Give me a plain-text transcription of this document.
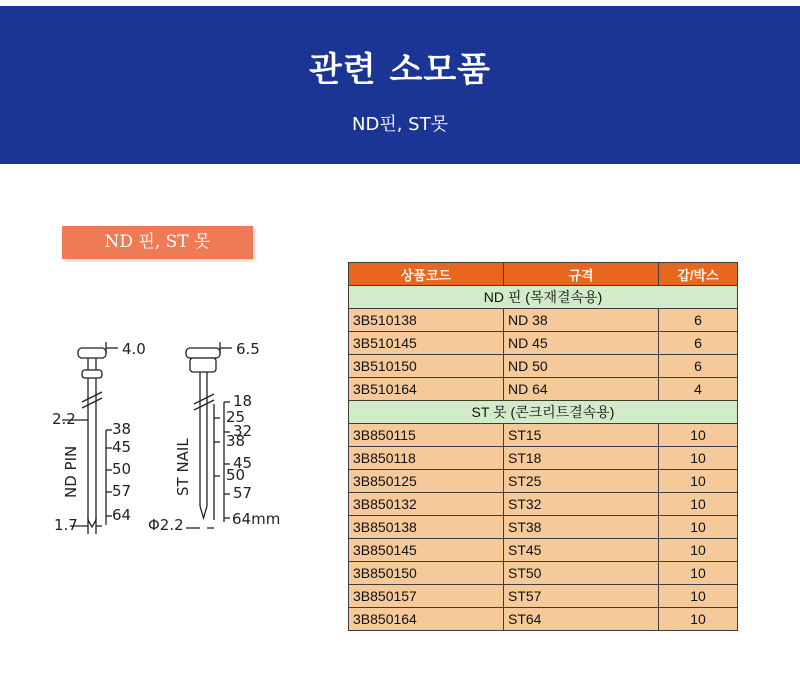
관련 소모품
ND핀, ST못
ND 핀, ST 못
4.0
2.2
38
45
50
57
64
ND PIN
1.7
6.5
25
38
50
18
32
45
57
64mm
ST NAIL
Φ2.2
상품코드	규격	갑/박스
ND 핀 (목재결속용)		
3B510138	ND 38	6
3B510145	ND 45	6
3B510150	ND 50	6
3B510164	ND 64	4
ST 못 (콘크리트결속용)		
3B850115	ST15	10
3B850118	ST18	10
3B850125	ST25	10
3B850132	ST32	10
3B850138	ST38	10
3B850145	ST45	10
3B850150	ST50	10
3B850157	ST57	10
3B850164	ST64	10
